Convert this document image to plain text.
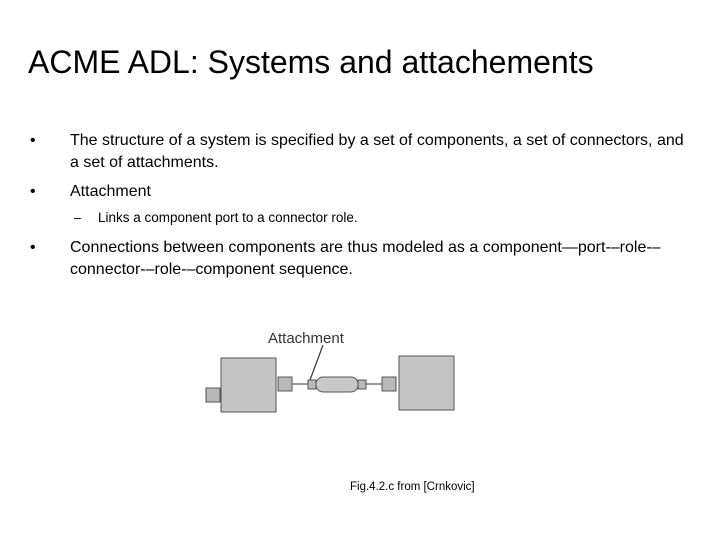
ACME ADL: Systems and attachements
• The structure of a system is specified by a set of components, a set of connectors, and a set of attachments.
• Attachment
– Links a component port to a connector role.
• Connections between components are thus modeled as a component—port-–role-–connector-–role-–component sequence.
Attachment
Fig.4.2.c from [Crnkovic]
